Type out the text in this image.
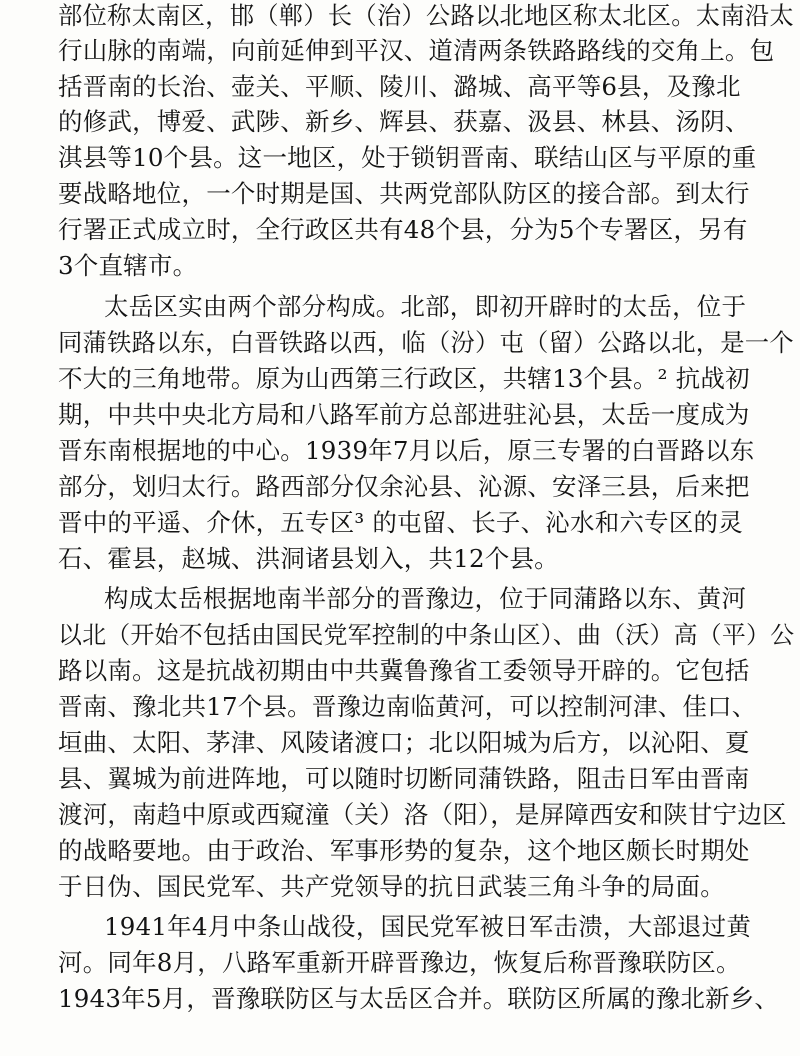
部位称太南区，邯（郸）长（治）公路以北地区称太北区。太南沿太
行山脉的南端，向前延伸到平汉、道清两条铁路路线的交角上。包
括晋南的长治、壶关、平顺、陵川、潞城、高平等6县，及豫北
的修武，博爱、武陟、新乡、辉县、获嘉、汲县、林县、汤阴、
淇县等10个县。这一地区，处于锁钥晋南、联结山区与平原的重
要战略地位，一个时期是国、共两党部队防区的接合部。到太行
行署正式成立时，全行政区共有48个县，分为5个专署区，另有
3个直辖市。
太岳区实由两个部分构成。北部，即初开辟时的太岳，位于
同蒲铁路以东，白晋铁路以西，临（汾）屯（留）公路以北，是一个
不大的三角地带。原为山西第三行政区，共辖13个县。² 抗战初
期，中共中央北方局和八路军前方总部进驻沁县，太岳一度成为
晋东南根据地的中心。1939年7月以后，原三专署的白晋路以东
部分，划归太行。路西部分仅余沁县、沁源、安泽三县，后来把
晋中的平遥、介休，五专区³ 的屯留、长子、沁水和六专区的灵
石、霍县，赵城、洪洞诸县划入，共12个县。
构成太岳根据地南半部分的晋豫边，位于同蒲路以东、黄河
以北（开始不包括由国民党军控制的中条山区）、曲（沃）高（平）公
路以南。这是抗战初期由中共冀鲁豫省工委领导开辟的。它包括
晋南、豫北共17个县。晋豫边南临黄河，可以控制河津、佳口、
垣曲、太阳、茅津、风陵诸渡口；北以阳城为后方，以沁阳、夏
县、翼城为前进阵地，可以随时切断同蒲铁路，阻击日军由晋南
渡河，南趋中原或西窥潼（关）洛（阳），是屏障西安和陕甘宁边区
的战略要地。由于政治、军事形势的复杂，这个地区颇长时期处
于日伪、国民党军、共产党领导的抗日武装三角斗争的局面。
1941年4月中条山战役，国民党军被日军击溃，大部退过黄
河。同年8月，八路军重新开辟晋豫边，恢复后称晋豫联防区。
1943年5月，晋豫联防区与太岳区合并。联防区所属的豫北新乡、
